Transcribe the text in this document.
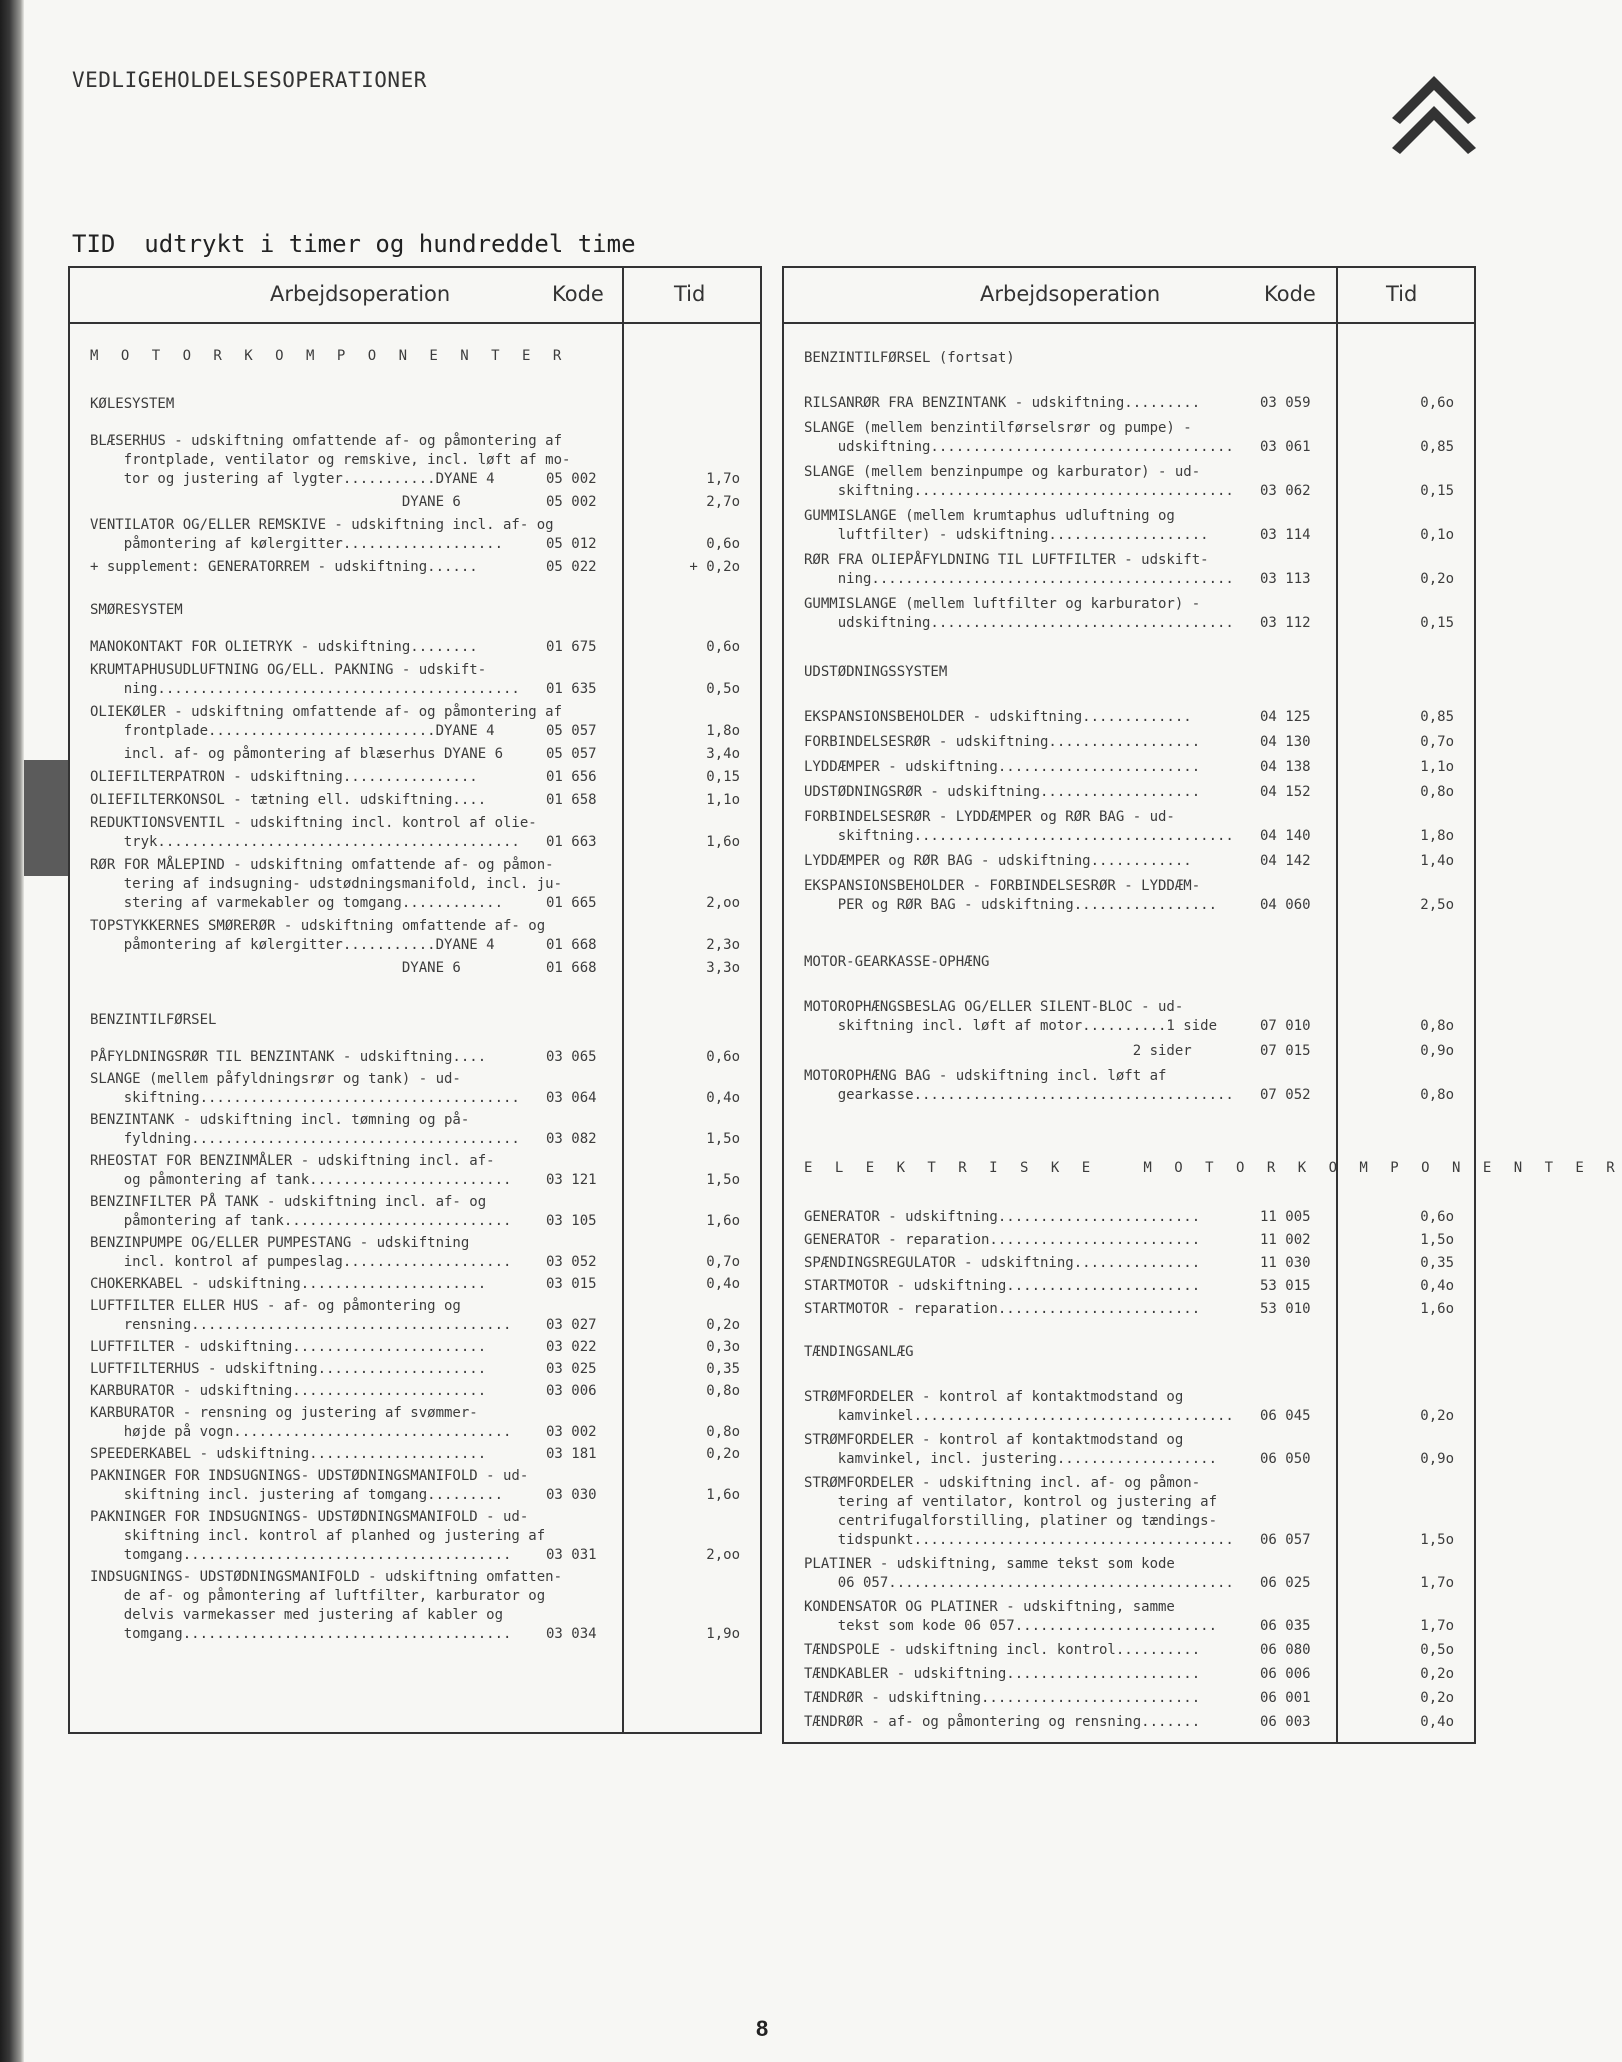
VEDLIGEHOLDELSESOPERATIONER
TID  udtrykt i timer og hundreddel time
Arbejdsoperation	Kode	Tid
M O T O R K O M P O N E N T E R
KØLESYSTEM
BLÆSERHUS - udskiftning omfattende af- og påmontering af
frontplade, ventilator og remskive, incl. løft af mo-
tor og justering af lygter...........DYANE 4	05 002	1,7o
DYANE 6	05 002	2,7o
VENTILATOR OG/ELLER REMSKIVE - udskiftning incl. af- og
påmontering af kølergitter...................	05 012	0,6o
+ supplement: GENERATORREM - udskiftning......	05 022	+ 0,2o
SMØRESYSTEM
MANOKONTAKT FOR OLIETRYK - udskiftning........	01 675	0,6o
KRUMTAPHUSUDLUFTNING OG/ELL. PAKNING - udskift-
ning........................................... 01 635	0,5o
OLIEKØLER - udskiftning omfattende af- og påmontering af
frontplade...........................DYANE 4	05 057	1,8o
incl. af- og påmontering af blæserhus DYANE 6	05 057	3,4o
OLIEFILTERPATRON - udskiftning................	01 656	0,15
OLIEFILTERKONSOL - tætning ell. udskiftning....	01 658	1,1o
REDUKTIONSVENTIL - udskiftning incl. kontrol af olie-
tryk...........................................	01 663	1,6o
RØR FOR MÅLEPIND - udskiftning omfattende af- og påmon-
tering af indsugning- udstødningsmanifold, incl. ju-
stering af varmekabler og tomgang............	01 665	2,oo
TOPSTYKKERNES SMØRERØR - udskiftning omfattende af- og
påmontering af kølergitter...........DYANE 4	01 668	2,3o
DYANE 6	01 668	3,3o
BENZINTILFØRSEL
PÅFYLDNINGSRØR TIL BENZINTANK - udskiftning....	03 065	0,6o
SLANGE (mellem påfyldningsrør og tank) - ud-
skiftning...................................... 03 064	0,4o
BENZINTANK - udskiftning incl. tømning og på-
fyldning....................................... 03 082	1,5o
RHEOSTAT FOR BENZINMÅLER - udskiftning incl. af-
og påmontering af tank........................ 03 121	1,5o
BENZINFILTER PÅ TANK - udskiftning incl. af- og
påmontering af tank........................... 03 105	1,6o
BENZINPUMPE OG/ELLER PUMPESTANG - udskiftning
incl. kontrol af pumpeslag.................... 03 052	0,7o
CHOKERKABEL - udskiftning......................	03 015	0,4o
LUFTFILTER ELLER HUS - af- og påmontering og
rensning...................................... 03 027	0,2o
LUFTFILTER - udskiftning.......................	03 022	0,3o
LUFTFILTERHUS - udskiftning....................	03 025	0,35
KARBURATOR - udskiftning.......................	03 006	0,8o
KARBURATOR - rensning og justering af svømmer-
højde på vogn................................. 03 002	0,8o
SPEEDERKABEL - udskiftning.....................	03 181	0,2o
PAKNINGER FOR INDSUGNINGS- UDSTØDNINGSMANIFOLD - ud-
skiftning incl. justering af tomgang.........	03 030	1,6o
PAKNINGER FOR INDSUGNINGS- UDSTØDNINGSMANIFOLD - ud-
skiftning incl. kontrol af planhed og justering af
tomgang.......................................	03 031	2,oo
INDSUGNINGS- UDSTØDNINGSMANIFOLD - udskiftning omfatten-
de af- og påmontering af luftfilter, karburator og
delvis varmekasser med justering af kabler og
tomgang.......................................	03 034	1,9o
Arbejdsoperation	Kode	Tid
BENZINTILFØRSEL (fortsat)
RILSANRØR FRA BENZINTANK - udskiftning.........	03 059	0,6o
SLANGE (mellem benzintilførselsrør og pumpe) -
udskiftning.................................... 03 061	0,85
SLANGE (mellem benzinpumpe og karburator) - ud-
skiftning...................................... 03 062	0,15
GUMMISLANGE (mellem krumtaphus udluftning og
luftfilter) - udskiftning...................	03 114	0,1o
RØR FRA OLIEPÅFYLDNING TIL LUFTFILTER - udskift-
ning........................................... 03 113	0,2o
GUMMISLANGE (mellem luftfilter og karburator) -
udskiftning.................................... 03 112	0,15
UDSTØDNINGSSYSTEM
EKSPANSIONSBEHOLDER - udskiftning.............	04 125	0,85
FORBINDELSESRØR - udskiftning..................	04 130	0,7o
LYDDÆMPER - udskiftning........................	04 138	1,1o
UDSTØDNINGSRØR - udskiftning...................	04 152	0,8o
FORBINDELSESRØR - LYDDÆMPER og RØR BAG - ud-
skiftning...................................... 04 140	1,8o
LYDDÆMPER og RØR BAG - udskiftning............	04 142	1,4o
EKSPANSIONSBEHOLDER - FORBINDELSESRØR - LYDDÆM-
PER og RØR BAG - udskiftning.................	04 060	2,5o
MOTOR-GEARKASSE-OPHÆNG
MOTOROPHÆNGSBESLAG OG/ELLER SILENT-BLOC - ud-
skiftning incl. løft af motor..........1 side	07 010	0,8o
2 sider	07 015	0,9o
MOTOROPHÆNG BAG - udskiftning incl. løft af
gearkasse...................................... 07 052	0,8o
E L E K T R I S K E   M O T O R K O M P O N E N T E R
GENERATOR - udskiftning........................	11 005	0,6o
GENERATOR - reparation.........................	11 002	1,5o
SPÆNDINGSREGULATOR - udskiftning...............	11 030	0,35
STARTMOTOR - udskiftning.......................	53 015	0,4o
STARTMOTOR - reparation........................	53 010	1,6o
TÆNDINGSANLÆG
STRØMFORDELER - kontrol af kontaktmodstand og
kamvinkel...................................... 06 045	0,2o
STRØMFORDELER - kontrol af kontaktmodstand og
kamvinkel, incl. justering...................	06 050	0,9o
STRØMFORDELER - udskiftning incl. af- og påmon-
tering af ventilator, kontrol og justering af
centrifugalforstilling, platiner og tændings-
tidspunkt...................................... 06 057	1,5o
PLATINER - udskiftning, samme tekst som kode
06 057......................................... 06 025	1,7o
KONDENSATOR OG PLATINER - udskiftning, samme
tekst som kode 06 057........................	06 035	1,7o
TÆNDSPOLE - udskiftning incl. kontrol..........	06 080	0,5o
TÆNDKABLER - udskiftning.......................	06 006	0,2o
TÆNDRØR - udskiftning..........................	06 001	0,2o
TÆNDRØR - af- og påmontering og rensning.......	06 003	0,4o
8
